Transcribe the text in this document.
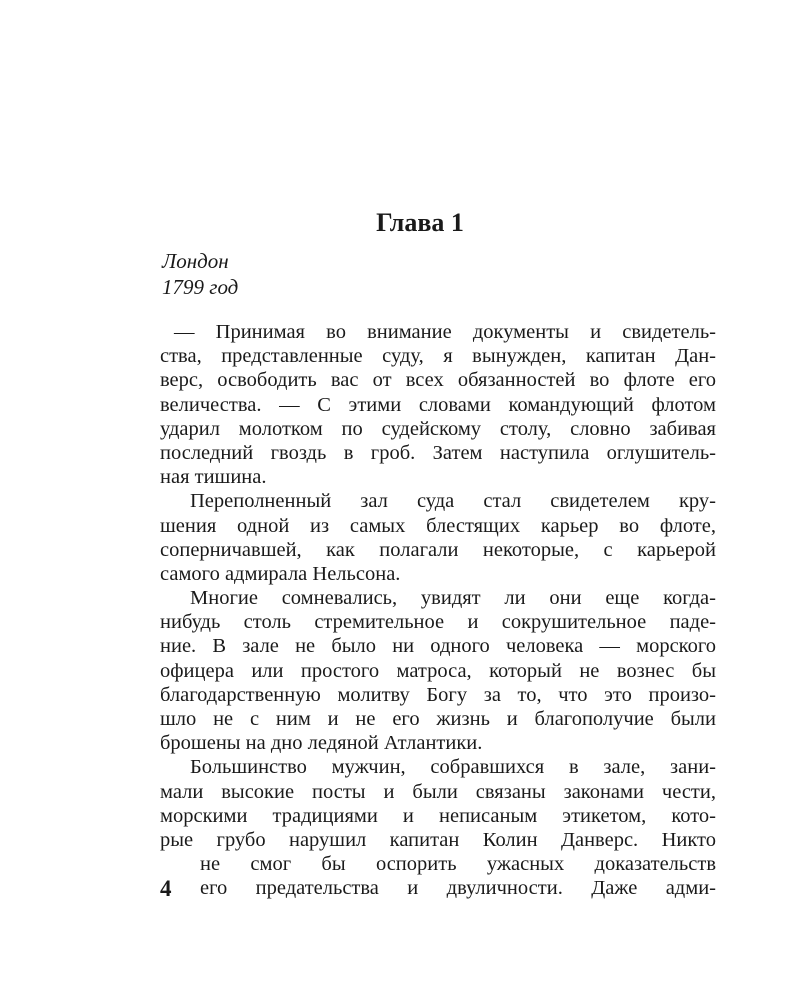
Глава 1
Лондон
1799 год
— Принимая во внимание документы и свидетель-
ства, представленные суду, я вынужден, капитан Дан-
верс, освободить вас от всех обязанностей во флоте его
величества. — С этими словами командующий флотом
ударил молотком по судейскому столу, словно забивая
последний гвоздь в гроб. Затем наступила оглушитель-
ная тишина.
Переполненный зал суда стал свидетелем кру-
шения одной из самых блестящих карьер во флоте,
соперничавшей, как полагали некоторые, с карьерой
самого адмирала Нельсона.
Многие сомневались, увидят ли они еще когда-
нибудь столь стремительное и сокрушительное паде-
ние. В зале не было ни одного человека — морского
офицера или простого матроса, который не вознес бы
благодарственную молитву Богу за то, что это произо-
шло не с ним и не его жизнь и благополучие были
брошены на дно ледяной Атлантики.
Большинство мужчин, собравшихся в зале, зани-
мали высокие посты и были связаны законами чести,
морскими традициями и неписаным этикетом, кото-
рые грубо нарушил капитан Колин Данверс. Никто
не смог бы оспорить ужасных доказательств
его предательства и двуличности. Даже адми-
4
